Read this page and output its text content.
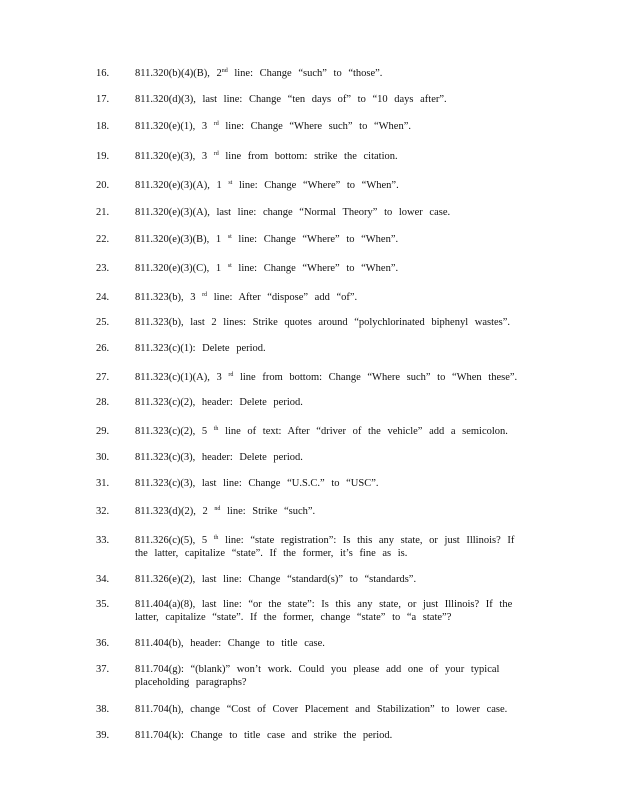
16. 811.320(b)(4)(B), 2nd line: Change “such” to “those”.
17. 811.320(d)(3), last line: Change “ten days of” to “10 days after”.
18. 811.320(e)(1), 3 $^{rd}$ line: Change “Where such” to “When”.
19. 811.320(e)(3), 3 $^{rd}$ line from bottom: strike the citation.
20. 811.320(e)(3)(A), 1 $^{st}$ line: Change “Where” to “When”.
21. 811.320(e)(3)(A), last line: change “Normal Theory” to lower case.
22. 811.320(e)(3)(B), 1 $^{st}$ line: Change “Where” to “When”.
23. 811.320(e)(3)(C), 1 $^{st}$ line: Change “Where” to “When”.
24. 811.323(b), 3 $^{rd}$ line: After “dispose” add “of”.
25. 811.323(b), last 2 lines: Strike quotes around “polychlorinated biphenyl wastes”.
26. 811.323(c)(1): Delete period.
27. 811.323(c)(1)(A), 3 $^{rd}$ line from bottom: Change “Where such” to “When these”.
28. 811.323(c)(2), header: Delete period.
29. 811.323(c)(2), 5 $^{th}$ line of text: After “driver of the vehicle” add a semicolon.
30. 811.323(c)(3), header: Delete period.
31. 811.323(c)(3), last line: Change “U.S.C.” to “USC”.
32. 811.323(d)(2), 2 $^{nd}$ line: Strike “such”.
33. 811.326(c)(5), 5 $^{th}$ line: “state registration”: Is this any state, or just Illinois? If the latter, capitalize “state”. If the former, it’s fine as is.
34. 811.326(e)(2), last line: Change “standard(s)” to “standards”.
35. 811.404(a)(8), last line: “or the state”: Is this any state, or just Illinois? If the latter, capitalize “state”. If the former, change “state” to “a state”?
36. 811.404(b), header: Change to title case.
37. 811.704(g): “(blank)” won’t work. Could you please add one of your typical placeholding paragraphs?
38. 811.704(h), change “Cost of Cover Placement and Stabilization” to lower case.
39. 811.704(k): Change to title case and strike the period.
